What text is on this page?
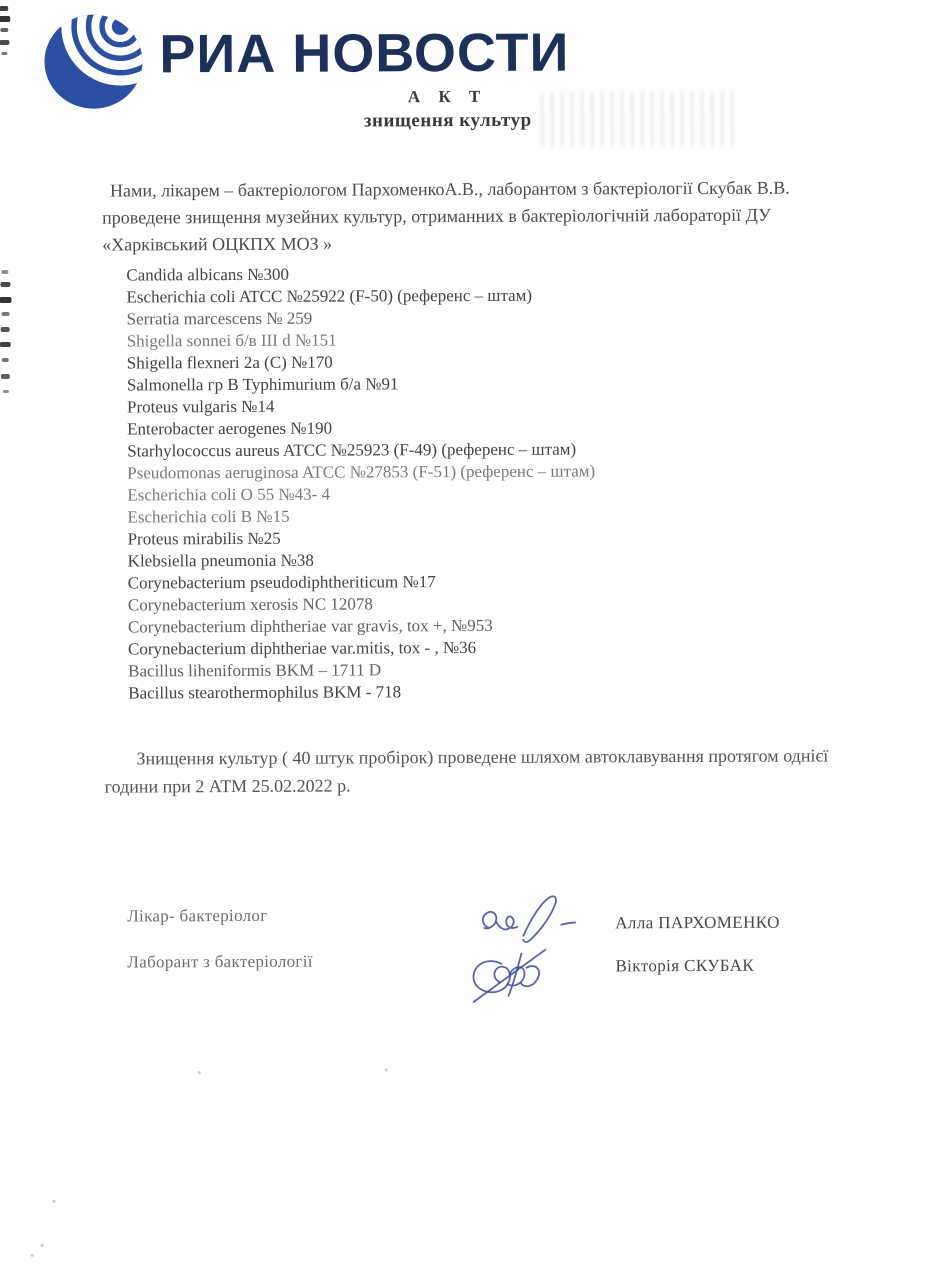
РИА НОВОСТИ
А К Т
знищення культур

Нами, лікарем – бактеріологом ПархоменкоА.В., лаборантом з бактеріології Скубак В.В. проведене знищення музейних культур, отриманних в бактеріологічній лабораторії ДУ «Харківський ОЦКПХ МОЗ »

Candida albicans №300
Escherichia coli ATCC №25922 (F-50) (референс – штам)
Serratia marcescens № 259
Shigella sonnei б/в III d №151
Shigella flexneri 2a (C) №170
Salmonella гр B Typhimurium б/а №91
Proteus vulgaris №14
Enterobacter aerogenes №190
Starhylococcus aureus ATCC №25923 (F-49) (референс – штам)
Pseudomonas aeruginosa ATCC №27853 (F-51) (референс – штам)
Escherichia coli O 55 №43- 4
Escherichia coli B №15
Proteus mirabilis №25
Klebsiella pneumonia №38
Corynebacterium pseudodiphtheriticum №17
Corynebacterium xerosis NC 12078
Corynebacterium diphtheriae var gravis, tox +, №953
Corynebacterium diphtheriae var.mitis, tox - , №36
Bacillus liheniformis BKM – 1711 D
Bacillus stearothermophilus BKM - 718

Знищення культур ( 40 штук пробірок) проведене шляхом автоклавування протягом однієї години при 2 АТМ 25.02.2022 р.

Лікар- бактеріолог
Лаборант з бактеріології
Алла ПАРХОМЕНКО
Вікторія СКУБАК
